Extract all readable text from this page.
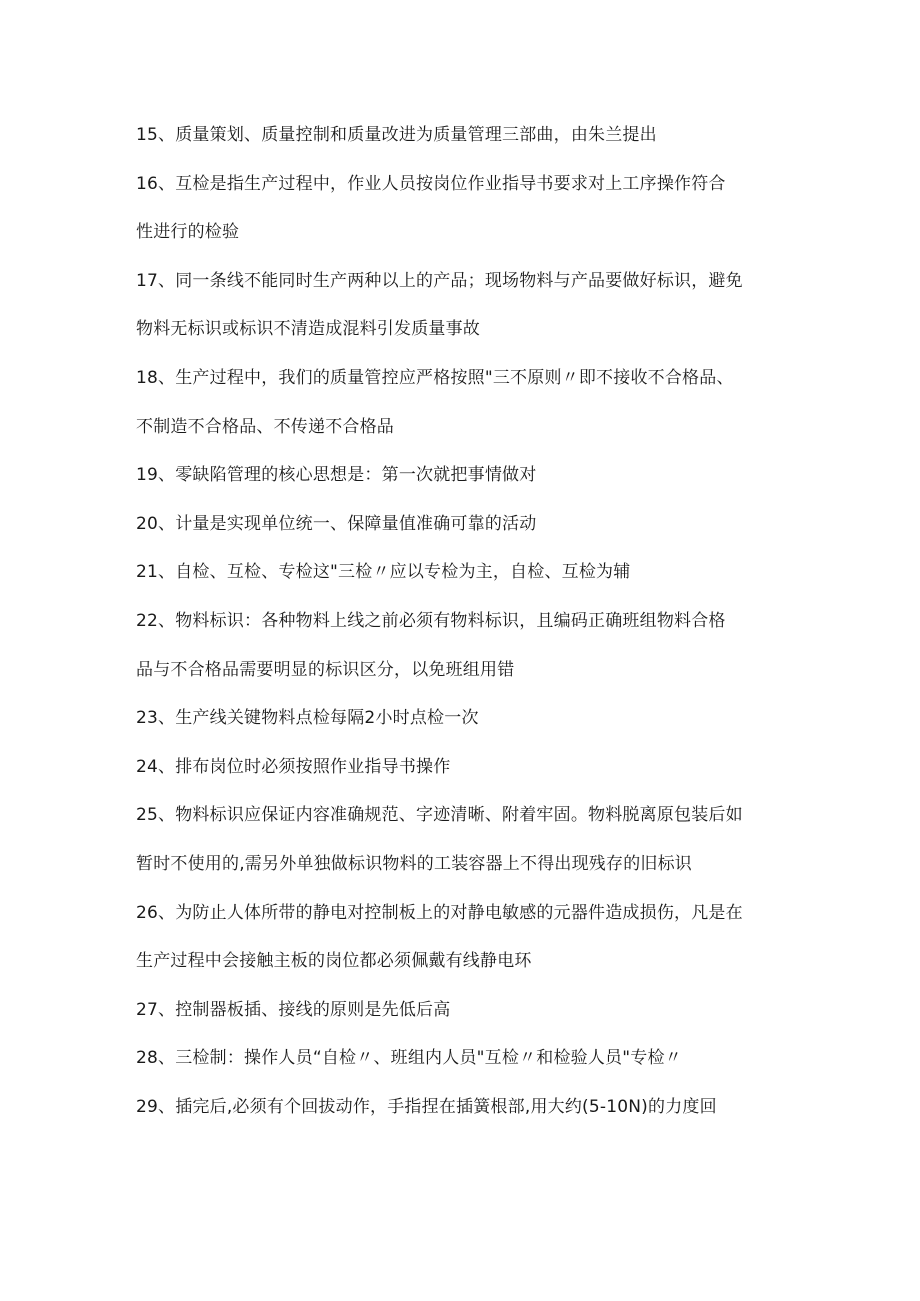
15、质量策划、质量控制和质量改进为质量管理三部曲，由朱兰提出
16、互检是指生产过程中，作业人员按岗位作业指导书要求对上工序操作符合
性进行的检验
17、同一条线不能同时生产两种以上的产品；现场物料与产品要做好标识，避免
物料无标识或标识不清造成混料引发质量事故
18、生产过程中，我们的质量管控应严格按照"三不原则〃即不接收不合格品、
不制造不合格品、不传递不合格品
19、零缺陷管理的核心思想是：第一次就把事情做对
20、计量是实现单位统一、保障量值准确可靠的活动
21、自检、互检、专检这"三检〃应以专检为主，自检、互检为辅
22、物料标识：各种物料上线之前必须有物料标识，且编码正确班组物料合格
品与不合格品需要明显的标识区分，以免班组用错
23、生产线关键物料点检每隔2小时点检一次
24、排布岗位时必须按照作业指导书操作
25、物料标识应保证内容准确规范、字迹清晰、附着牢固。物料脱离原包装后如
暂时不使用的,需另外单独做标识物料的工装容器上不得出现残存的旧标识
26、为防止人体所带的静电对控制板上的对静电敏感的元器件造成损伤，凡是在
生产过程中会接触主板的岗位都必须佩戴有线静电环
27、控制器板插、接线的原则是先低后高
28、三检制：操作人员“自检〃、班组内人员"互检〃和检验人员"专检〃
29、插完后,必须有个回拔动作，手指捏在插簧根部,用大约(5-10N)的力度回
